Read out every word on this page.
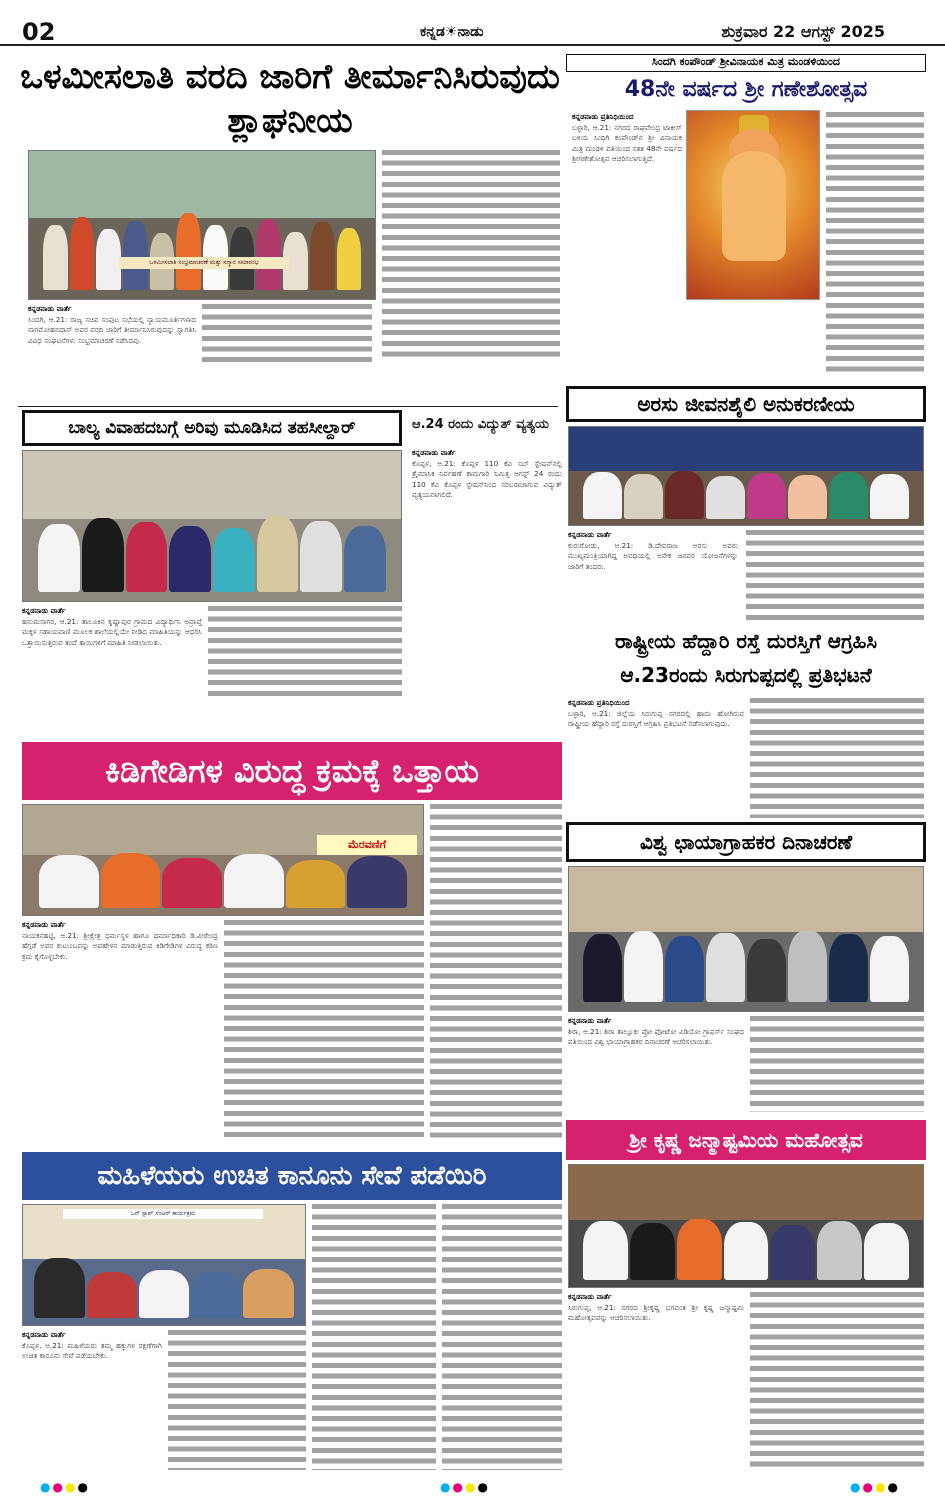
02	ಕನ್ನಡ☀ನಾಡು	ಶುಕ್ರವಾರ 22 ಆಗಸ್ಟ್ 2025
ಒಳಮೀಸಲಾತಿ ವರದಿ ಜಾರಿಗೆ ತೀರ್ಮಾನಿಸಿರುವುದು ಶ್ಲಾಘನೀಯ
ಒಳಮೀಸಲಾತಿ ಸಂಭ್ರಮಾಚರಣೆ ಮತ್ತು ಸನ್ಮಾನ ಸಮಾರಂಭ
ಕನ್ನಡನಾಡು ವಾರ್ತೆ
ಸಿಂದಗಿ, ಆ.21: ರಾಜ್ಯ ಸಚಿವ ಸಂಪುಟ ಸಭೆಯಲ್ಲಿ ನ್ಯಾಯಮೂರ್ತಿಗಳಾದ ನಾಗಮೋಹನದಾಸ್ ಅವರ ವರದಿ ಜಾರಿಗೆ ತೀರ್ಮಾನಿಸಿರುವುದನ್ನು ಸ್ವಾಗತಿಸಿ ವಿವಿಧ ಸಂಘಟನೆಗಳು ಸಂಭ್ರಮಾಚರಣೆ ನಡೆಸಿದವು.
ಸಿಂದಗಿ ಕಂಪೌಂಡ್ ಶ್ರೀವಿನಾಯಕ ಮಿತ್ರ ಮಂಡಳಿಯಿಂದ
48ನೇ ವರ್ಷದ ಶ್ರೀ ಗಣೇಶೋತ್ಸವ
ಕನ್ನಡನಾಡು ಪ್ರತಿನಿಧಿಯಿಂದ
ಬಳ್ಳಾರಿ, ಆ.21: ನಗರದ ರಾಘವೇಂದ್ರ ಟಾಕೀಸ್ ಬಳಿಯ ಸಿಂಧಿಗಿ ಕಂಪೌಂಡ್‌ನ ಶ್ರೀ ವಿನಾಯಕ ಮಿತ್ರ ಮಂಡಳಿ ವತಿಯಿಂದ ಸತತ 48ನೇ ವರ್ಷದ ಶ್ರೀಗಣೇಶೋತ್ಸವ ಆಚರಿಸಲಾಗುತ್ತಿದೆ.
ಬಾಲ್ಯ ವಿವಾಹದಬಗ್ಗೆ ಅರಿವು ಮೂಡಿಸಿದ ತಹಸೀಲ್ದಾರ್
ಕನ್ನಡನಾಡು ವಾರ್ತೆ
ಹನುಮಸಾಗರ, ಆ.21: ತಾಲೂಕಿನ ಕೃಷ್ಣಾಪುರ ಗ್ರಾಮದ ವಿದ್ಯಾರ್ಥಿನಿ ಅಪ್ರಾಪ್ತೆ ಮಕ್ಕಳ ಸಹಾಯವಾಣಿ ಮೂಲಕ ಶಾಲೆಯಲ್ಲಿಯೇ ನೀಡಿದ ಮಾಹಿತಿಯನ್ನು ಆಧರಿಸಿ ಒತ್ತಾಯಿಸುತ್ತಿರುವ ತಂದೆ ತಾಯಿಗಳಿಗೆ ಮಾಹಿತಿ ನೀಡಲಾಯಿತು.
ಆ.24 ರಂದು ವಿದ್ಯುತ್ ವ್ಯತ್ಯಯ
ಕನ್ನಡನಾಡು ವಾರ್ತೆ
ಕೊಪ್ಪಳ, ಆ.21: ಕೊಪ್ಪಳ 110 ಕೆವಿ ಸಬ್ ಸ್ಟೇಷನ್‌ನಲ್ಲಿ ತ್ರೈಮಾಸಿಕ ನಿರ್ವಹಣೆ ಕಾಮಗಾರಿ ನಿಮಿತ್ತ ಆಗಸ್ಟ್ 24 ರಂದು 110 ಕೆವಿ ಕೊಪ್ಪಳ ಸ್ಟೇಷನ್‌ನಿಂದ ಸರಬರಾಜಾಗುವ ವಿದ್ಯುತ್ ವ್ಯತ್ಯಯವಾಗಲಿದೆ.
ಅರಸು ಜೀವನಶೈಲಿ ಅನುಕರಣೀಯ
ಕನ್ನಡನಾಡು ವಾರ್ತೆ
ಕುರುಗೋಡು, ಆ.21: ಡಿ.ದೇವರಾಜ ಅರಸು ಅವರು ಮುಖ್ಯಮಂತ್ರಿಯಾಗಿದ್ದ ಅವಧಿಯಲ್ಲಿ ಅನೇಕ ಜನಪರ ಯೋಜನೆಗಳನ್ನು ಜಾರಿಗೆ ತಂದರು.
ರಾಷ್ಟ್ರೀಯ ಹೆದ್ದಾರಿ ರಸ್ತೆ ದುರಸ್ತಿಗೆ ಆಗ್ರಹಿಸಿ ಆ.23ರಂದು ಸಿರುಗುಪ್ಪದಲ್ಲಿ ಪ್ರತಿಭಟನೆ
ಕನ್ನಡನಾಡು ಪ್ರತಿನಿಧಿಯಿಂದ
ಬಳ್ಳಾರಿ, ಆ.21: ಜಿಲ್ಲೆಯ ಸಿರುಗುಪ್ಪ ನಗರದಲ್ಲಿ ಹಾದು ಹೋಗಿರುವ ರಾಷ್ಟ್ರೀಯ ಹೆದ್ದಾರಿ ರಸ್ತೆ ದುರಸ್ತಿಗೆ ಆಗ್ರಹಿಸಿ ಪ್ರತಿಭಟನೆ ನಡೆಸಲಾಗುವುದು.
ಕಿಡಿಗೇಡಿಗಳ ವಿರುದ್ಧ ಕ್ರಮಕ್ಕೆ ಒತ್ತಾಯ
ಮೆರವಣಿಗೆ
ಕನ್ನಡನಾಡು ವಾರ್ತೆ
ನಾಯಕನಹಟ್ಟಿ, ಆ.21: ಶ್ರೀಕ್ಷೇತ್ರ ಧರ್ಮಸ್ಥಳ ಹಾಗೂ ಧರ್ಮಾಧಿಕಾರಿ ಡಿ.ವೀರೇಂದ್ರ ಹೆಗ್ಗಡೆ ಅವರ ಕುಟುಂಬವನ್ನು ಅವಹೇಳನ ಮಾಡುತ್ತಿರುವ ಕಿಡಿಗೇಡಿಗಳ ವಿರುದ್ಧ ಕಠಿಣ ಕ್ರಮ ಕೈಗೊಳ್ಳಬೇಕು.
ವಿಶ್ವ ಛಾಯಾಗ್ರಾಹಕರ ದಿನಾಚರಣೆ
ಕನ್ನಡನಾಡು ವಾರ್ತೆ
ಶಿರಾ, ಆ.21: ಶಿರಾ ತಾಲ್ಲೂಕು ಪ್ರೋ ಫೋಟೋ ವಿಡಿಯೋ ಗ್ರಾಫರ್ಸ್ ಸಂಘದ ವತಿಯಿಂದ ವಿಶ್ವ ಛಾಯಾಗ್ರಾಹಕರ ದಿನಾಚರಣೆ ಆಚರಿಸಲಾಯಿತು.
ಮಹಿಳೆಯರು ಉಚಿತ ಕಾನೂನು ಸೇವೆ ಪಡೆಯಿರಿ
ಒನ್ ಸ್ಟಾಪ್ ಸೆಂಟರ್ ಕಾರ್ಯಕ್ರಮ
ಕನ್ನಡನಾಡು ವಾರ್ತೆ
ಕೊಪ್ಪಳ, ಆ.21: ಮಹಿಳೆಯರು ತಮ್ಮ ಹಕ್ಕುಗಳ ರಕ್ಷಣೆಗಾಗಿ ಉಚಿತ ಕಾನೂನು ಸೇವೆ ಪಡೆಯಬೇಕು.
ಶ್ರೀ ಕೃಷ್ಣ ಜನ್ಮಾಷ್ಟಮಿಯ ಮಹೋತ್ಸವ
ಕನ್ನಡನಾಡು ವಾರ್ತೆ
ಸಿರುಗುಪ್ಪ, ಆ.21: ನಗರದ ಶ್ರೀಕೃಷ್ಣ ಭಗವಂತ ಶ್ರೀ ಕೃಷ್ಣ ಜನ್ಮಾಷ್ಟಮಿ ಮಹೋತ್ಸವವನ್ನು ಆಚರಿಸಲಾಯಿತು.
●●●●	●●●●	●●●●
